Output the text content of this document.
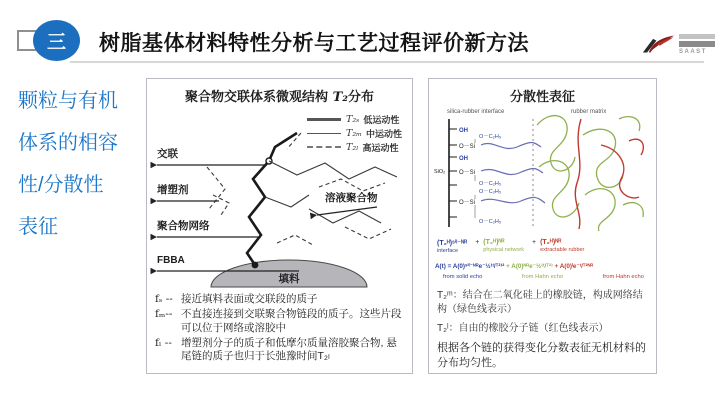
三 树脂基体材料特性分析与工艺过程评价新方法	SAAST
颗粒与有机
体系的相容
性/分散性
表征
聚合物交联体系微观结构 T₂分布
T₂ₛ 低运动性
T₂ₘ 中运动性
T₂ₗ 高运动性
填料
交联
增塑剂
聚合物网络
FBBA
溶液聚合物
fₛ -- 接近填料表面或交联段的质子
fₘ-- 不直接连接到交联聚合物链段的质子。这些片段可以位于网络或溶胶中
fₗ -- 增塑剂分子的质子和低摩尔质量溶胶聚合物, 悬尾链的质子也归于长弛豫时间T₂ₗ
分散性表征
silica-rubber interface	rubber matrix
SiO₂
OH
O－C₂H₅
O－Si
OH
O－Si
O－C₂H₅
O－C₂H₅
O－Si
O－C₂H₅
(T₂ᴴ)ˢⁱˡ⁻ᴺᴿ
interface
+ (T₂ᴴ)ᴺᴿ
physical network
+ (T₂ᴴ)ᴺᴿ
extractable rubber
A(t) = A(0)ˢⁱˡ⁻ᴺᴿe⁻½⁽ᵗ/ᵀ²⁾² + A(0)ᴺᴿe⁻½⁽ᵗ/ᵀ²⁾ + A(0)ˡe⁻ᵗ/ᵀ²ᴺᴿ
from solid echo	from Hahn echo	from Hahn echo
T₂ᵐ：结合在二氧化硅上的橡胶链，构成网络结构（绿色线表示）
T₂ˡ：自由的橡胶分子链（红色线表示）
根据各个链的获得变化分数表征无机材料的分布均匀性。
